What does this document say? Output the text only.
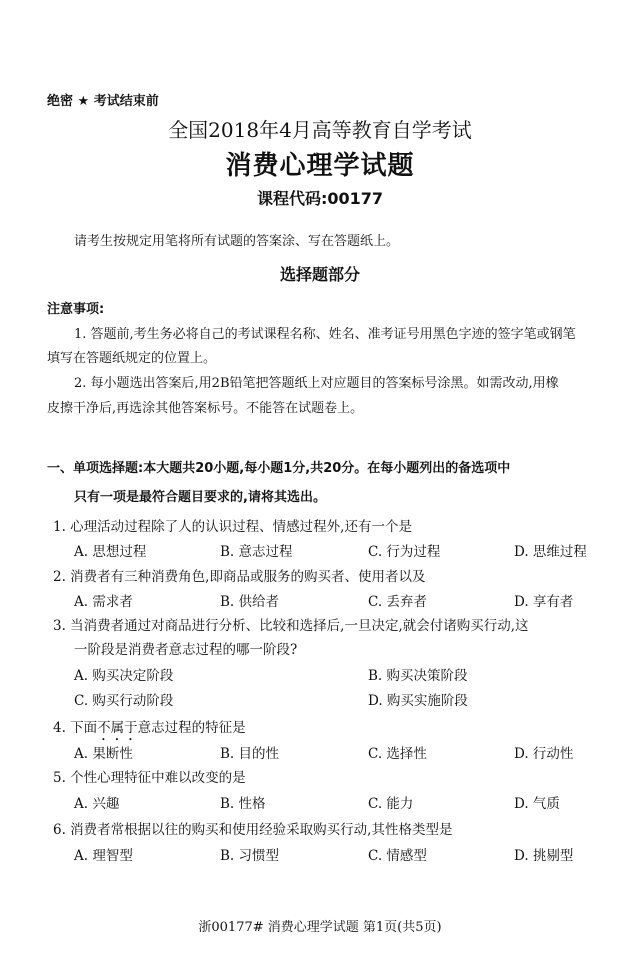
绝密 ★ 考试结束前
全国2018年4月高等教育自学考试
消费心理学试题
课程代码:00177
请考生按规定用笔将所有试题的答案涂、写在答题纸上。
选择题部分
注意事项:
1. 答题前,考生务必将自己的考试课程名称、姓名、准考证号用黑色字迹的签字笔或钢笔
填写在答题纸规定的位置上。
2. 每小题选出答案后,用2B铅笔把答题纸上对应题目的答案标号涂黑。如需改动,用橡
皮擦干净后,再选涂其他答案标号。不能答在试题卷上。
一、单项选择题:本大题共20小题,每小题1分,共20分。在每小题列出的备选项中
只有一项是最符合题目要求的,请将其选出。
1. 心理活动过程除了人的认识过程、情感过程外,还有一个是
A. 思想过程	B. 意志过程	C. 行为过程	D. 思维过程
2. 消费者有三种消费角色,即商品或服务的购买者、使用者以及
A. 需求者	B. 供给者	C. 丢弃者	D. 享有者
3. 当消费者通过对商品进行分析、比较和选择后,一旦决定,就会付诸购买行动,这
一阶段是消费者意志过程的哪一阶段?
A. 购买决定阶段	B. 购买决策阶段
C. 购买行动阶段	D. 购买实施阶段
4. 下面不属于意志过程的特征是
A. 果断性	B. 目的性	C. 选择性	D. 行动性
5. 个性心理特征中难以改变的是
A. 兴趣	B. 性格	C. 能力	D. 气质
6. 消费者常根据以往的购买和使用经验采取购买行动,其性格类型是
A. 理智型	B. 习惯型	C. 情感型	D. 挑剔型
浙00177# 消费心理学试题 第1页(共5页)
